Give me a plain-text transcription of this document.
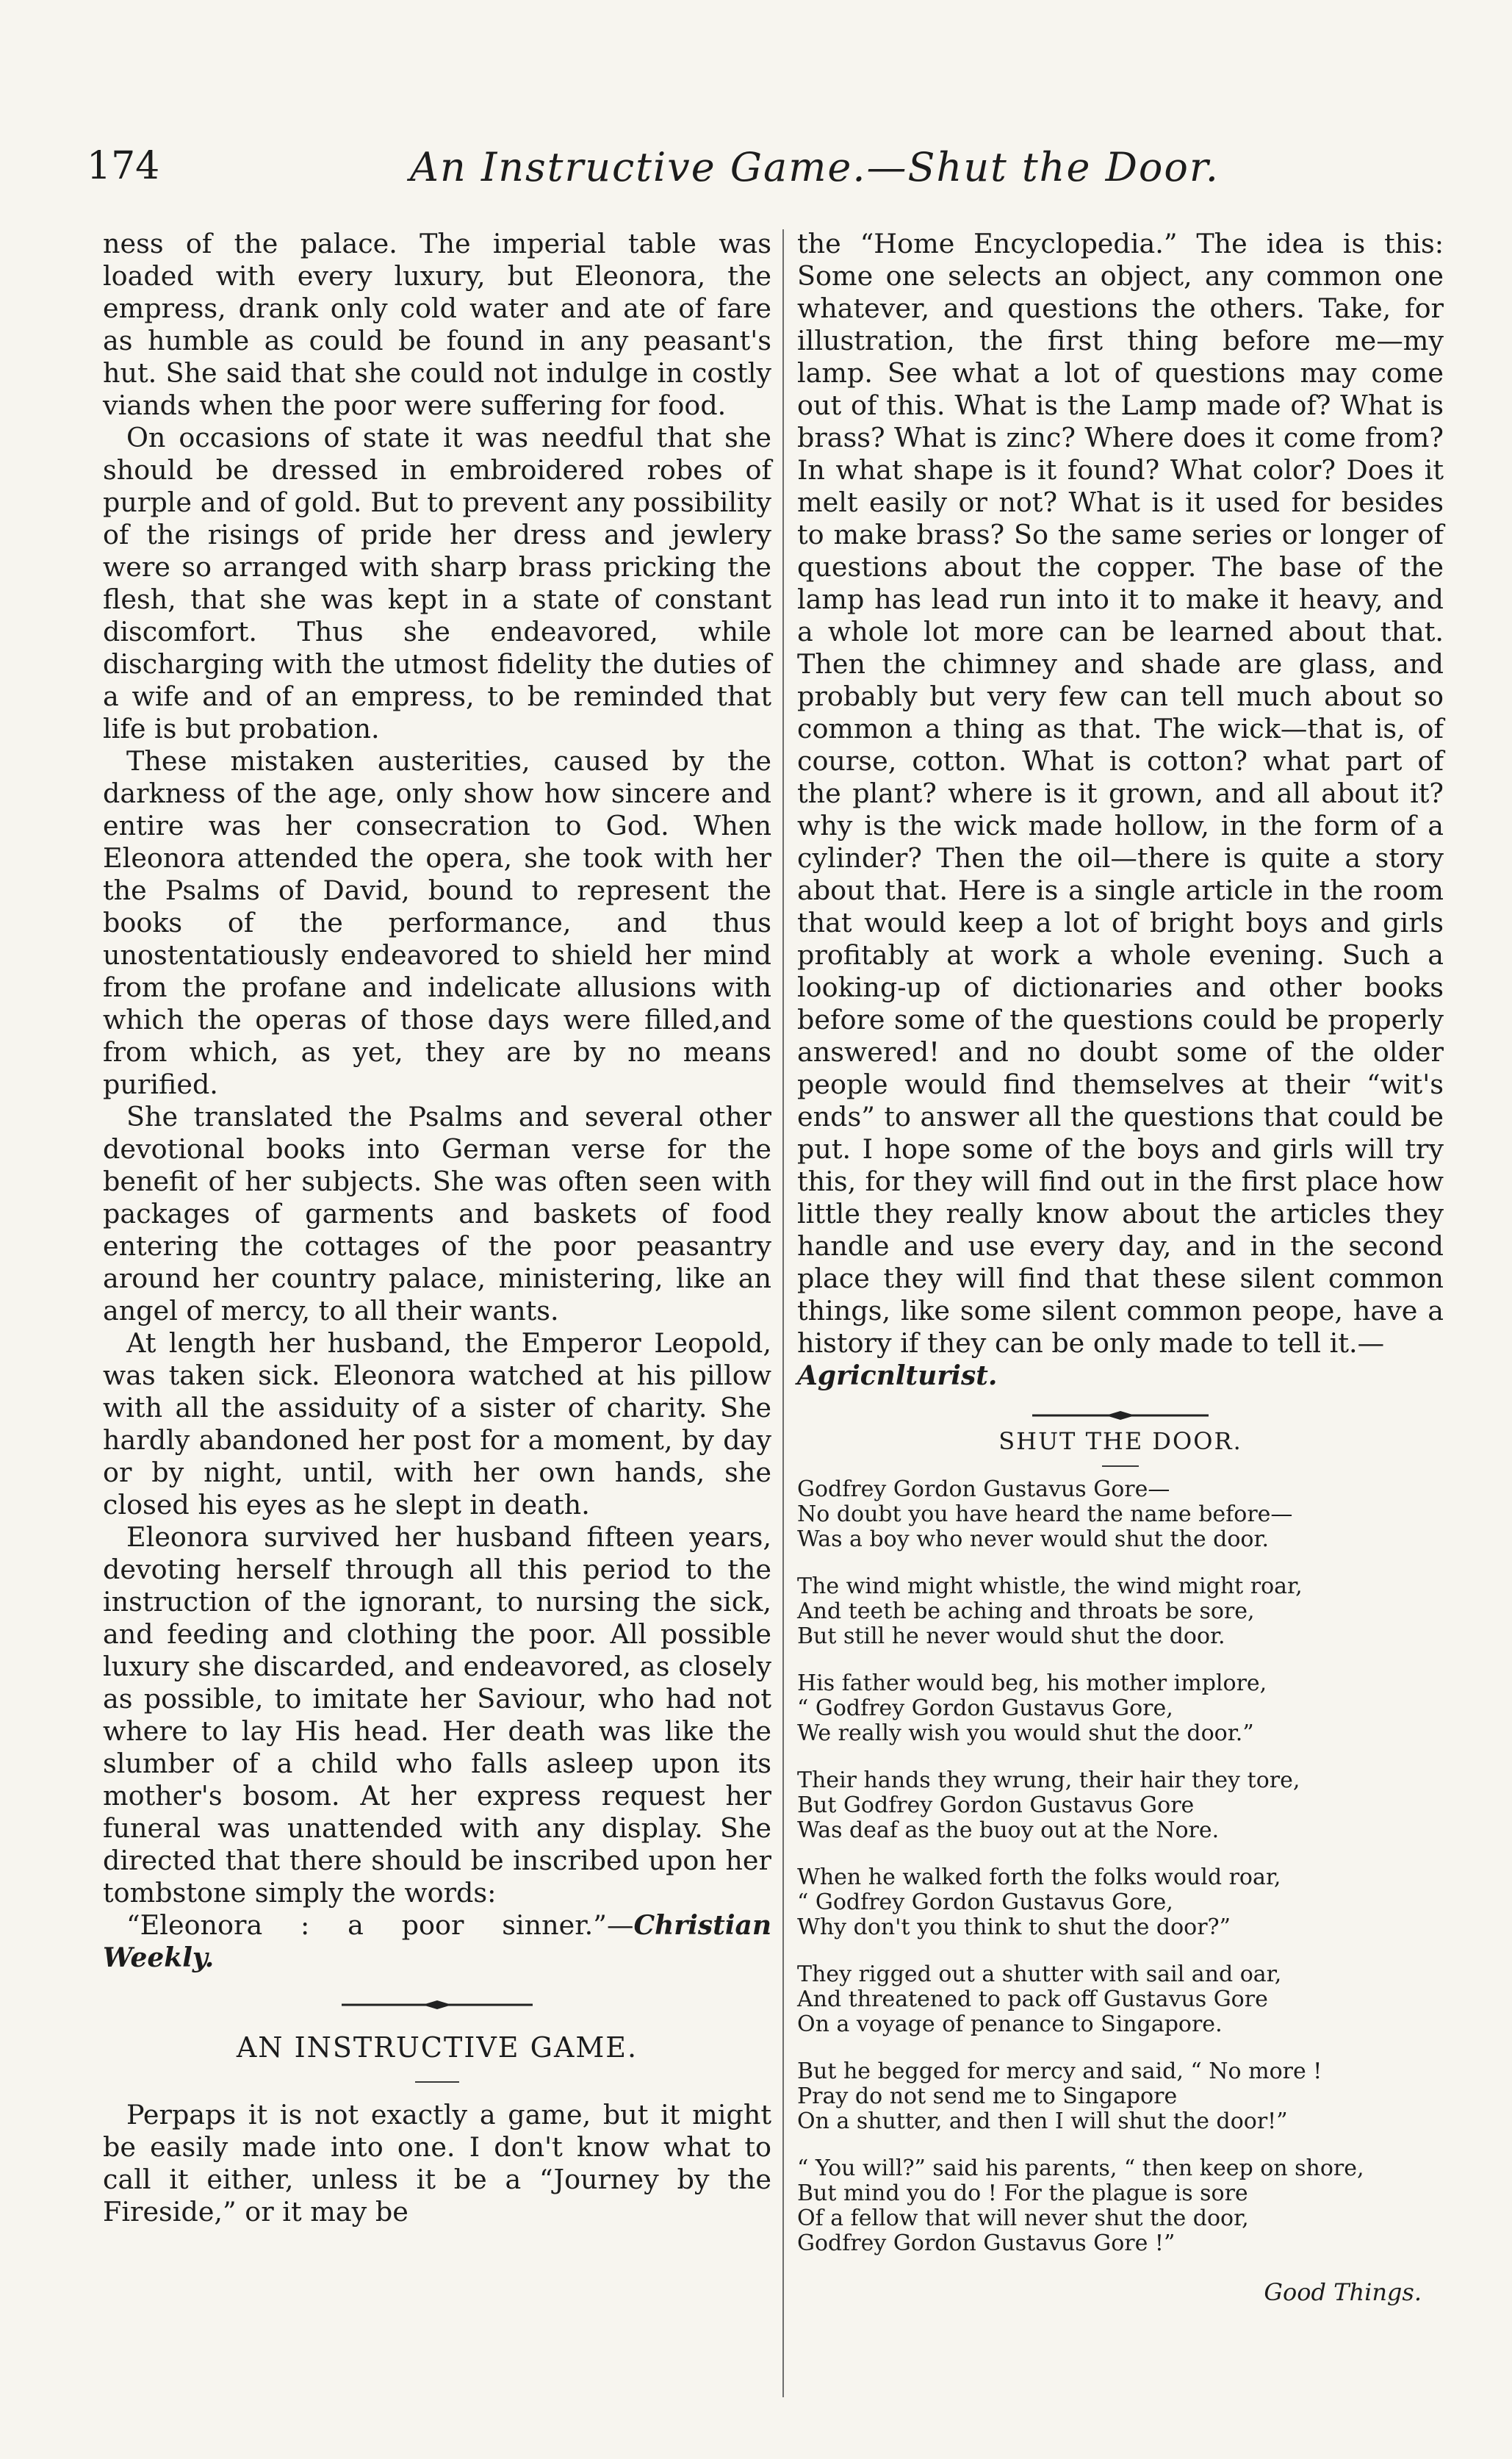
174	An Instructive Game.—Shut the Door.

ness of the palace. The imperial table was loaded with every luxury, but Eleonora, the empress, drank only cold water and ate of fare as humble as could be found in any peasant's hut. She said that she could not indulge in costly viands when the poor were suffering for food.

On occasions of state it was needful that she should be dressed in embroidered robes of purple and of gold. But to prevent any possibility of the risings of pride her dress and jewlery were so arranged with sharp brass pricking the flesh, that she was kept in a state of constant discomfort. Thus she endeavored, while discharging with the utmost fidelity the duties of a wife and of an empress, to be reminded that life is but probation.

These mistaken austerities, caused by the darkness of the age, only show how sincere and entire was her consecration to God. When Eleonora attended the opera, she took with her the Psalms of David, bound to represent the books of the performance, and thus unostentatiously endeavored to shield her mind from the profane and indelicate allusions with which the operas of those days were filled,and from which, as yet, they are by no means purified.

She translated the Psalms and several other devotional books into German verse for the benefit of her subjects. She was often seen with packages of garments and baskets of food entering the cottages of the poor peasantry around her country palace, ministering, like an angel of mercy, to all their wants.

At length her husband, the Emperor Leopold, was taken sick. Eleonora watched at his pillow with all the assiduity of a sister of charity. She hardly abandoned her post for a moment, by day or by night, until, with her own hands, she closed his eyes as he slept in death.

Eleonora survived her husband fifteen years, devoting herself through all this period to the instruction of the ignorant, to nursing the sick, and feeding and clothing the poor. All possible luxury she discarded, and endeavored, as closely as possible, to imitate her Saviour, who had not where to lay His head. Her death was like the slumber of a child who falls asleep upon its mother's bosom. At her express request her funeral was unattended with any display. She directed that there should be inscribed upon her tombstone simply the words:

“Eleonora : a poor sinner.”—Christian Weekly.

AN INSTRUCTIVE GAME.

Perpaps it is not exactly a game, but it might be easily made into one. I don't know what to call it either, unless it be a “Journey by the Fireside,” or it may be

the “Home Encyclopedia.” The idea is this: Some one selects an object, any common one whatever, and questions the others. Take, for illustration, the first thing before me—my lamp. See what a lot of questions may come out of this. What is the Lamp made of? What is brass? What is zinc? Where does it come from? In what shape is it found? What color? Does it melt easily or not? What is it used for besides to make brass? So the same series or longer of questions about the copper. The base of the lamp has lead run into it to make it heavy, and a whole lot more can be learned about that. Then the chimney and shade are glass, and probably but very few can tell much about so common a thing as that. The wick—that is, of course, cotton. What is cotton? what part of the plant? where is it grown, and all about it? why is the wick made hollow, in the form of a cylinder? Then the oil—there is quite a story about that. Here is a single article in the room that would keep a lot of bright boys and girls profitably at work a whole evening. Such a looking-up of dictionaries and other books before some of the questions could be properly answered! and no doubt some of the older people would find themselves at their “wit's ends” to answer all the questions that could be put. I hope some of the boys and girls will try this, for they will find out in the first place how little they really know about the articles they handle and use every day, and in the second place they will find that these silent common things, like some silent common peope, have a history if they can be only made to tell it.—

Agricnlturist.
SHUT THE DOOR.
Godfrey Gordon Gustavus Gore—
No doubt you have heard the name before—
Was a boy who never would shut the door.
The wind might whistle, the wind might roar,
And teeth be aching and throats be sore,
But still he never would shut the door.
His father would beg, his mother implore,
“ Godfrey Gordon Gustavus Gore,
We really wish you would shut the door.”
Their hands they wrung, their hair they tore,
But Godfrey Gordon Gustavus Gore
Was deaf as the buoy out at the Nore.
When he walked forth the folks would roar,
“ Godfrey Gordon Gustavus Gore,
Why don't you think to shut the door?”
They rigged out a shutter with sail and oar,
And threatened to pack off Gustavus Gore
On a voyage of penance to Singapore.
But he begged for mercy and said, “ No more !
Pray do not send me to Singapore
On a shutter, and then I will shut the door!”
“ You will?” said his parents, “ then keep on shore,
But mind you do ! For the plague is sore
Of a fellow that will never shut the door,
Godfrey Gordon Gustavus Gore !”
Good Things.
